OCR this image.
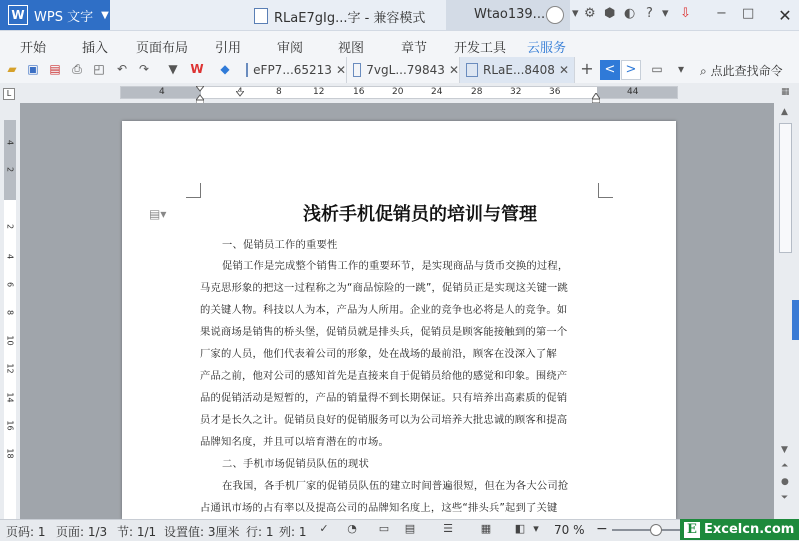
W WPS 文字 ▼	RLaE7gIg...字 - 兼容模式	Wtao139... ▾ ⚙ ⬢ ◐ ? ▾ ⇩ − □	✕
开始	插入 页面布局 引用	审阅	视图	章节 开发工具 云服务
▰ ▣ ▤ ⎙ ◰ ↶ ↷ ▼ W ◆ eFP7...65213 ✕ 7vgL...79843 ✕ RLaE...8408 ✕ +	▭	▾
< >	⌕ 点此查找命令
L	4	8	12	16	20	24	28	32	36	44
4
2
2
4
6
8
10
12
14
16
18
▤▾	浅析手机促销员的培训与管理
一、促销员工作的重要性
促销工作是完成整个销售工作的重要环节，是实现商品与货币交换的过程，
马克思形象的把这一过程称之为“商品惊险的一跳”，促销员正是实现这关键一跳
的关键人物。科技以人为本，产品为人所用。企业的竞争也必将是人的竞争。如
果说商场是销售的桥头堡，促销员就是排头兵，促销员是顾客能接触到的第一个
厂家的人员，他们代表着公司的形象，处在战场的最前沿，顾客在没深入了解
产品之前，他对公司的感知首先是直接来自于促销员给他的感觉和印象。围绕产
品的促销活动是短暂的，产品的销量得不到长期保证。只有培养出高素质的促销
员才是长久之计。促销员良好的促销服务可以为公司培养大批忠诚的顾客和提高
品牌知名度，并且可以培育潜在的市场。
二、手机市场促销员队伍的现状
在我国，各手机厂家的促销员队伍的建立时间普遍很短，但在为各大公司抢
占通讯市场的占有率以及提高公司的品牌知名度上，这些“排头兵”起到了关键
▦
▲
▼
⏶
●
⏷
页码: 1 页面: 1/3 节: 1/1 设置值: 3厘米 行: 1 列: 1 ✓ ◔ ▭ ▤	☰	▦ ◧ ▾ 70 % −	E Excelcn.com
